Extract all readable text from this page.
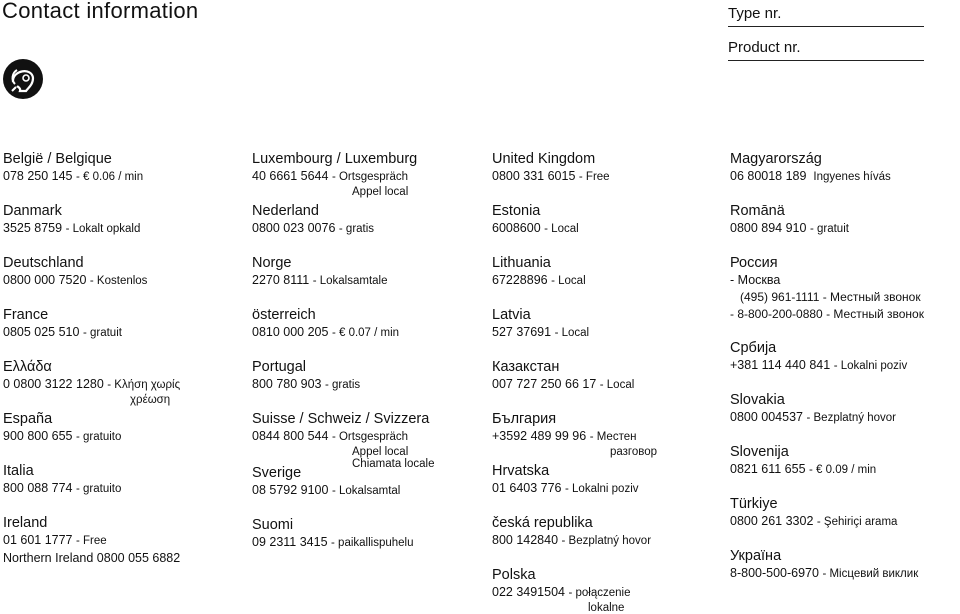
Contact information	Type nr.
Product nr.
België / Belgique
078 250 145 - € 0.06 / min
Danmark
3525 8759 - Lokalt opkald
Deutschland
0800 000 7520 - Kostenlos
France
0805 025 510 - gratuit
Ελλάδα
0 0800 3122 1280 - Κλήση χωρίς
χρέωση
España
900 800 655 - gratuito
Italia
800 088 774 - gratuito
Ireland
01 601 1777 - Free
Northern Ireland 0800 055 6882
Luxembourg / Luxemburg
40 6661 5644 - Ortsgespräch
Appel local
Nederland
0800 023 0076 - gratis
Norge
2270 8111 - Lokalsamtale
österreich
0810 000 205 - € 0.07 / min
Portugal
800 780 903 - gratis
Suisse / Schweiz / Svizzera
0844 800 544 - Ortsgespräch
Appel local
Chiamata locale
Sverige
08 5792 9100 - Lokalsamtal
Suomi
09 2311 3415 - paikallispuhelu
United Kingdom
0800 331 6015 - Free
Estonia
6008600 - Local
Lithuania
67228896 - Local
Latvia
527 37691 - Local
Казакстан
007 727 250 66 17 - Local
България
+3592 489 99 96 - Местен
разговор
Hrvatska
01 6403 776 - Lokalni poziv
česká republika
800 142840 - Bezplatný hovor
Polska
022 3491504 - połączenie
lokalne
Magyarország
06 80018 189 Ingyenes hívás
Romānä
0800 894 910 - gratuit
Россия
- Москва
(495) 961-1111 - Местный звонок
- 8-800-200-0880 - Местный звонок
Србија
+381 114 440 841 - Lokalni poziv
Slovakia
0800 004537 - Bezplatný hovor
Slovenija
0821 611 655 - € 0.09 / min
Türkiye
0800 261 3302 - Şehiriçi arama
Україна
8-800-500-6970 - Місцевий виклик
